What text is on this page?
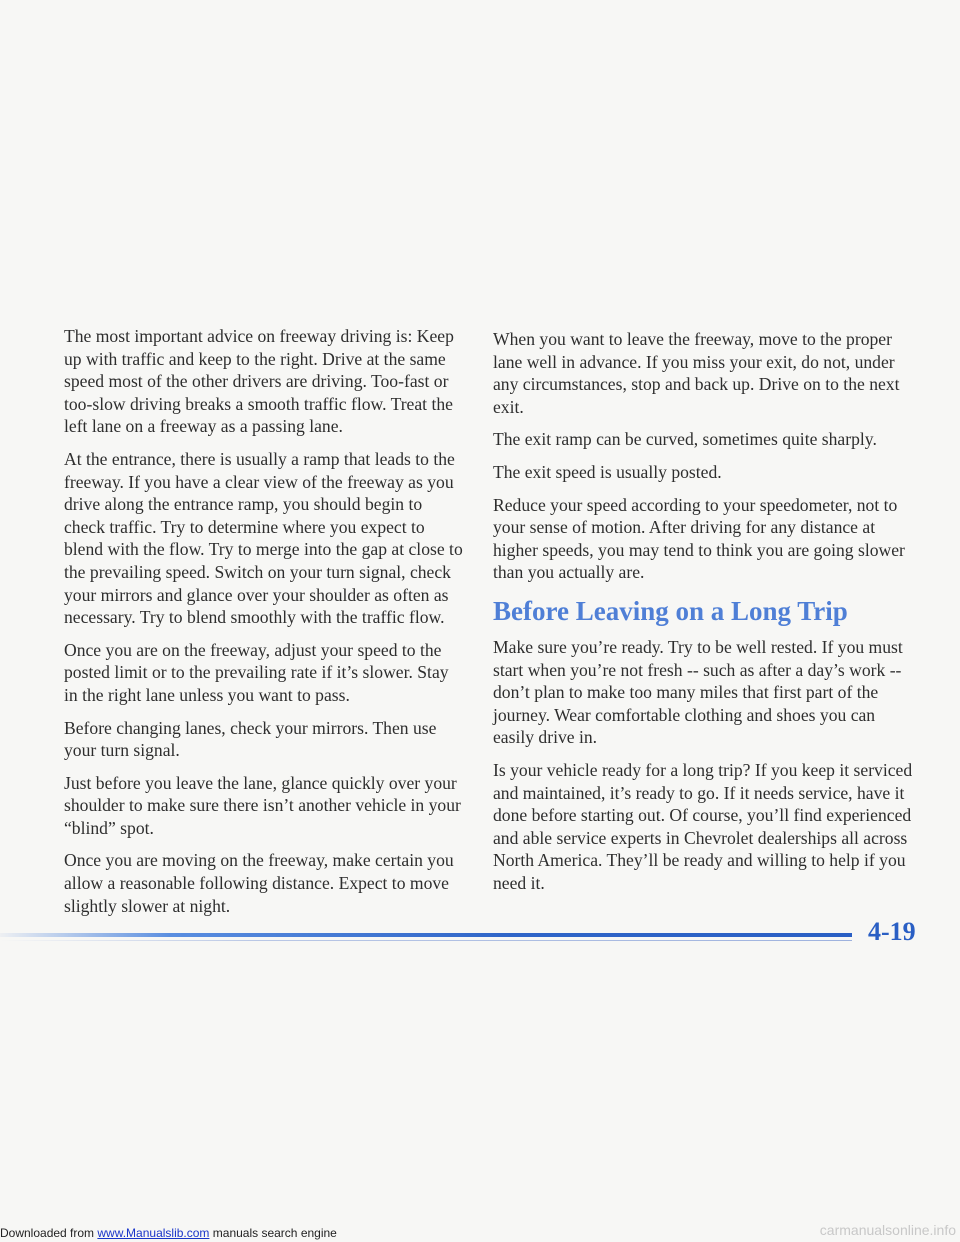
The most important advice on freeway driving is: Keep up with traffic and keep to the right. Drive at the same speed most of the other drivers are driving. Too-fast or too-slow driving breaks a smooth traffic flow. Treat the left lane on a freeway as a passing lane.

At the entrance, there is usually a ramp that leads to the freeway. If you have a clear view of the freeway as you drive along the entrance ramp, you should begin to check traffic. Try to determine where you expect to blend with the flow. Try to merge into the gap at close to the prevailing speed. Switch on your turn signal, check your mirrors and glance over your shoulder as often as necessary. Try to blend smoothly with the traffic flow.

Once you are on the freeway, adjust your speed to the posted limit or to the prevailing rate if it’s slower. Stay in the right lane unless you want to pass.

Before changing lanes, check your mirrors. Then use your turn signal.

Just before you leave the lane, glance quickly over your shoulder to make sure there isn’t another vehicle in your “blind” spot.

Once you are moving on the freeway, make certain you allow a reasonable following distance. Expect to move slightly slower at night.

When you want to leave the freeway, move to the proper lane well in advance. If you miss your exit, do not, under any circumstances, stop and back up. Drive on to the next exit.

The exit ramp can be curved, sometimes quite sharply.

The exit speed is usually posted.

Reduce your speed according to your speedometer, not to your sense of motion. After driving for any distance at higher speeds, you may tend to think you are going slower than you actually are.

Before Leaving on a Long Trip

Make sure you’re ready. Try to be well rested. If you must start when you’re not fresh -- such as after a day’s work -- don’t plan to make too many miles that first part of the journey. Wear comfortable clothing and shoes you can easily drive in.

Is your vehicle ready for a long trip? If you keep it serviced and maintained, it’s ready to go. If it needs service, have it done before starting out. Of course, you’ll find experienced and able service experts in Chevrolet dealerships all across North America. They’ll be ready and willing to help if you need it.

4-19
Downloaded from www.Manualslib.com manuals search engine	carmanualsonline.info
